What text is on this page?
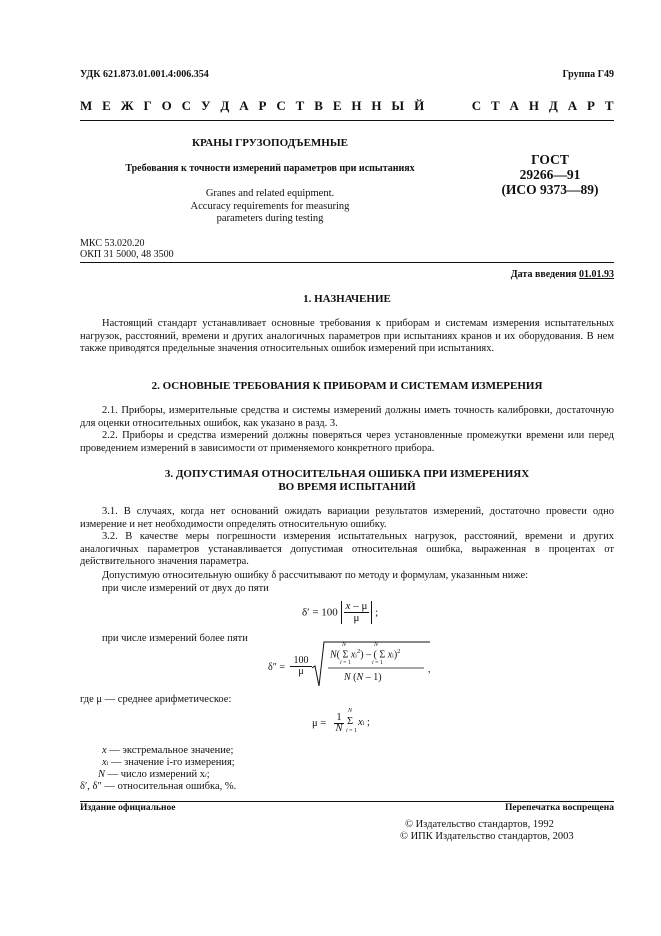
УДК 621.873.01.001.4:006.354	Группа Г49
М Е Ж Г О С У Д А Р С Т В Е Н Н Ы Й     С Т А Н Д А Р Т
КРАНЫ ГРУЗОПОДЪЕМНЫЕ
Требования к точности измерений параметров при испытаниях
Granes and related equipment.
Accuracy requirements for measuring
parameters during testing
ГОСТ
29266—91
(ИСО 9373—89)
МКС 53.020.20
ОКП 31 5000, 48 3500
Дата введения 01.01.93
1. НАЗНАЧЕНИЕ

Настоящий стандарт устанавливает основные требования к приборам и системам измерения испытательных нагрузок, расстояний, времени и других аналогичных параметров при испытаниях кранов и их оборудования. В нем также приводятся предельные значения относительных ошибок измерений при испытаниях.

2. ОСНОВНЫЕ ТРЕБОВАНИЯ К ПРИБОРАМ И СИСТЕМАМ ИЗМЕРЕНИЯ

2.1. Приборы, измерительные средства и системы измерений должны иметь точность калибровки, достаточную для оценки относительных ошибок, как указано в разд. 3.

2.2. Приборы и средства измерений должны поверяться через установленные промежутки времени или перед проведением измерений в зависимости от применяемого конкретного прибора.

3. ДОПУСТИМАЯ ОТНОСИТЕЛЬНАЯ ОШИБКА ПРИ ИЗМЕРЕНИЯХ
ВО ВРЕМЯ ИСПЫТАНИЙ

3.1. В случаях, когда нет оснований ожидать вариации результатов измерений, достаточно провести одно измерение и нет необходимости определять относительную ошибку.

3.2. В качестве меры погрешности измерения испытательных нагрузок, расстояний, времени и других аналогичных параметров устанавливается допустимая относительная ошибка, выраженная в процентах от действительного значения параметра.

Допустимую относительную ошибку δ рассчитывают по методу и формулам, указанным ниже:

при числе измерений от двух до пяти
$\delta' = 100 \frac{x - \mu}{\mu}$ ;
при числе измерений более пяти
δ″ =
100
μ
N( Σ $xi^2$) – ( Σ xi)$^2$
N	N
i = 1	i = 1
N (N – 1)
,
где μ — среднее арифметическое:
μ =
1
N
N
Σ
i = 1
xi ;
x — экстремальное значение;
xi — значение i-го измерения;
N — число измерений xi;
δ′, δ″ — относительная ошибка, %.
Издание официальное	Перепечатка воспрещена
© Издательство стандартов, 1992
© ИПК Издательство стандартов, 2003
